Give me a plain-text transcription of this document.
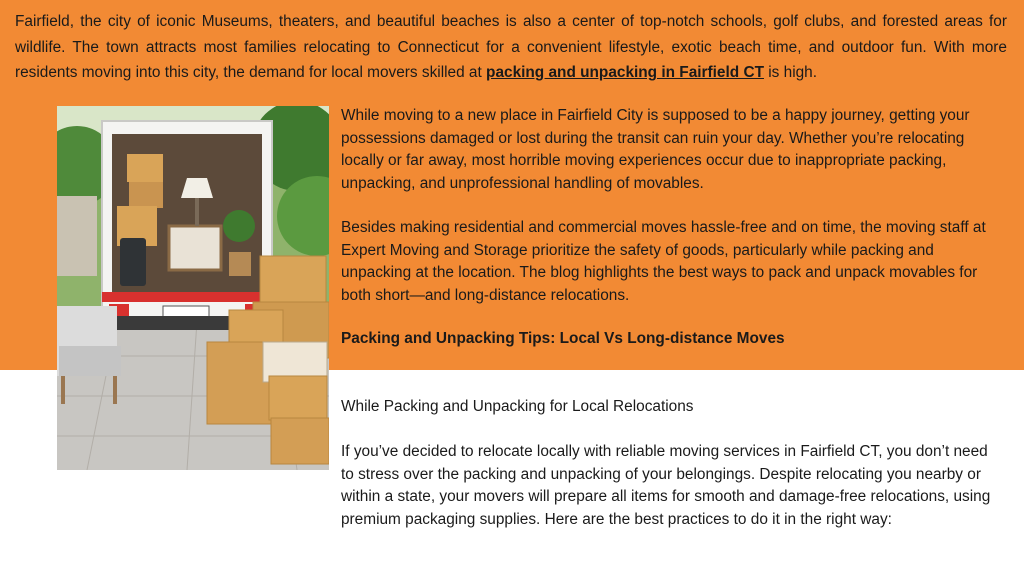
Fairfield, the city of iconic Museums, theaters, and beautiful beaches is also a center of top-notch schools, golf clubs, and forested areas for wildlife. The town attracts most families relocating to Connecticut for a convenient lifestyle, exotic beach time, and outdoor fun. With more residents moving into this city, the demand for local movers skilled at packing and unpacking in Fairfield CT is high.

While moving to a new place in Fairfield City is supposed to be a happy journey, getting your possessions damaged or lost during the transit can ruin your day. Whether you’re relocating locally or far away, most horrible moving experiences occur due to inappropriate packing, unpacking, and unprofessional handling of movables.

Besides making residential and commercial moves hassle-free and on time, the moving staff at Expert Moving and Storage prioritize the safety of goods, particularly while packing and unpacking at the location. The blog highlights the best ways to pack and unpack movables for both short—and long-distance relocations.

Packing and Unpacking Tips: Local Vs Long-distance Moves

While Packing and Unpacking for Local Relocations

If you’ve decided to relocate locally with reliable moving services in Fairfield CT, you don’t need to stress over the packing and unpacking of your belongings. Despite relocating you nearby or within a state, your movers will prepare all items for smooth and damage-free relocations, using premium packaging supplies. Here are the best practices to do it in the right way:
